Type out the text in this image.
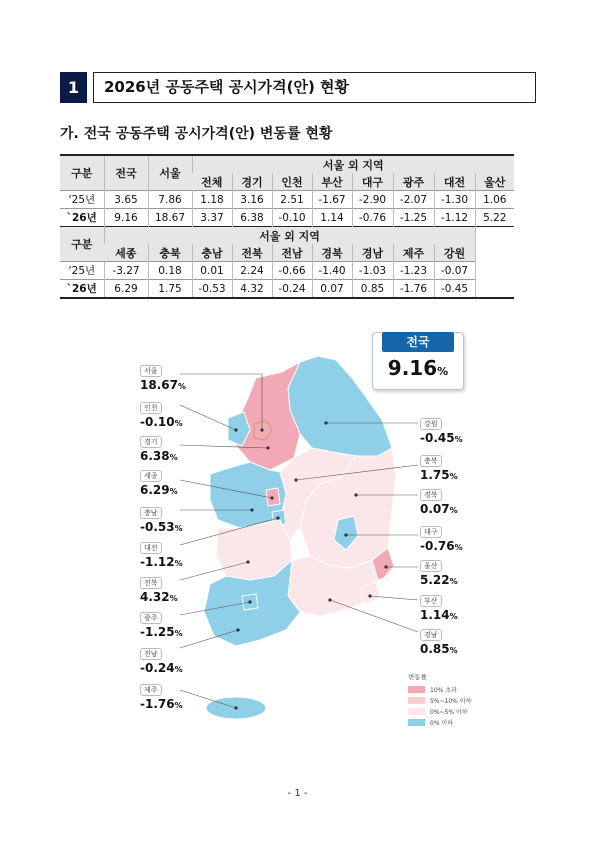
1	2026년 공동주택 공시가격(안) 현황
가. 전국 공동주택 공시가격(안) 변동률 현황
구분	전국	서울	서울 외 지역							
			전체	경기	인천	부산	대구	광주	대전	울산
‘25년	3.65	7.86	1.18	3.16	2.51	-1.67	-2.90	-2.07	-1.30	1.06
`26년	9.16	18.67	3.37	6.38	-0.10	1.14	-0.76	-1.25	-1.12	5.22
구분	서울 외 지역									
	세종	충북	충남	전북	전남	경북	경남	제주	강원	
‘25년	-3.27	0.18	0.01	2.24	-0.66	-1.40	-1.03	-1.23	-0.07	
`26년	6.29	1.75	-0.53	4.32	-0.24	0.07	0.85	-1.76	-0.45	
전국
9.16%
서울
18.67%
인천
-0.10%
경기
6.38%
세종
6.29%
충남
-0.53%
대전
-1.12%
전북
4.32%
광주
-1.25%
전남
-0.24%
제주
-1.76%
강원
-0.45%
충북
1.75%
경북
0.07%
대구
-0.76%
울산
5.22%
부산
1.14%
경남
0.85%
변동률
10% 초과
5%~10% 이하
0%~5% 이하
0% 이하
- 1 -
